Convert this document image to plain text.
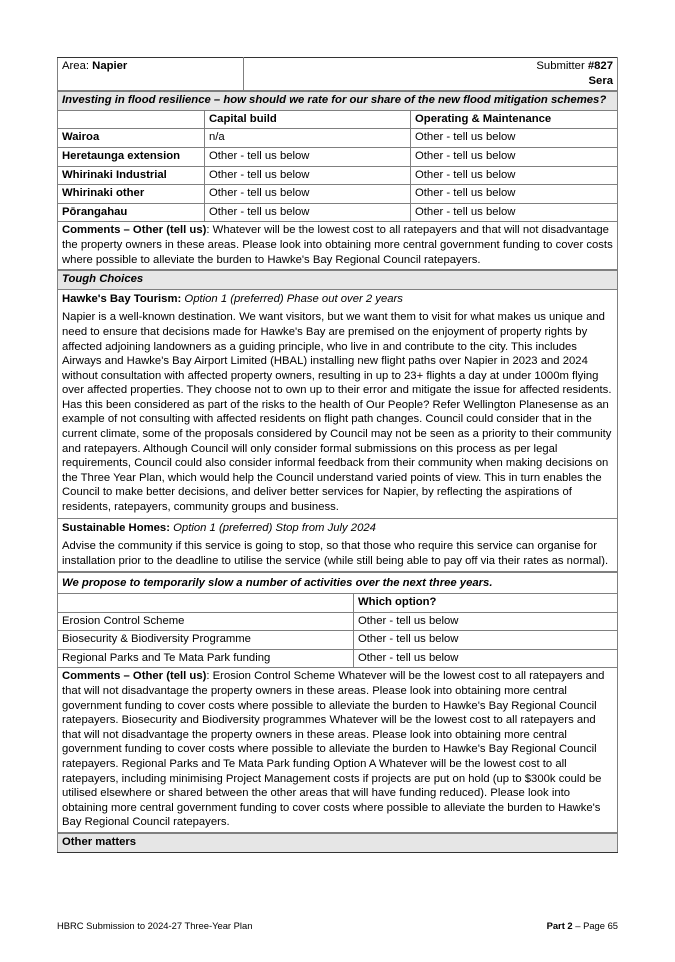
Area: Napier	Submitter #827
Sera
Investing in flood resilience – how should we rate for our share of the new flood mitigation schemes?		
	Capital build	Operating & Maintenance
Wairoa	n/a	Other - tell us below
Heretaunga extension	Other - tell us below	Other - tell us below
Whirinaki Industrial	Other - tell us below	Other - tell us below
Whirinaki other	Other - tell us below	Other - tell us below
Pōrangahau	Other - tell us below	Other - tell us below
Comments – Other (tell us): Whatever will be the lowest cost to all ratepayers and that will not disadvantage the property owners in these areas. Please look into obtaining more central government funding to cover costs where possible to alleviate the burden to Hawke's Bay Regional Council ratepayers.		
Tough Choices

Hawke's Bay Tourism: Option 1 (preferred) Phase out over 2 years
Napier is a well-known destination. We want visitors, but we want them to visit for what makes us unique and need to ensure that decisions made for Hawke's Bay are premised on the enjoyment of property rights by affected adjoining landowners as a guiding principle, who live in and contribute to the city. This includes Airways and Hawke's Bay Airport Limited (HBAL) installing new flight paths over Napier in 2023 and 2024 without consultation with affected property owners, resulting in up to 23+ flights a day at under 1000m flying over affected properties. They choose not to own up to their error and mitigate the issue for affected residents. Has this been considered as part of the risks to the health of Our People? Refer Wellington Planesense as an example of not consulting with affected residents on flight path changes. Council could consider that in the current climate, some of the proposals considered by Council may not be seen as a priority to their community and ratepayers. Although Council will only consider formal submissions on this process as per legal requirements, Council could also consider informal feedback from their community when making decisions on the Three Year Plan, which would help the Council understand varied points of view. This in turn enables the Council to make better decisions, and deliver better services for Napier, by reflecting the aspirations of residents, ratepayers, community groups and business.

Sustainable Homes: Option 1 (preferred) Stop from July 2024
Advise the community if this service is going to stop, so that those who require this service can organise for installation prior to the deadline to utilise the service (while still being able to pay off via their rates as normal).
We propose to temporarily slow a number of activities over the next three years.	
	Which option?
Erosion Control Scheme	Other - tell us below
Biosecurity & Biodiversity Programme	Other - tell us below
Regional Parks and Te Mata Park funding	Other - tell us below
Comments – Other (tell us): Erosion Control Scheme Whatever will be the lowest cost to all ratepayers and that will not disadvantage the property owners in these areas. Please look into obtaining more central government funding to cover costs where possible to alleviate the burden to Hawke's Bay Regional Council ratepayers. Biosecurity and Biodiversity programmes Whatever will be the lowest cost to all ratepayers and that will not disadvantage the property owners in these areas. Please look into obtaining more central government funding to cover costs where possible to alleviate the burden to Hawke's Bay Regional Council ratepayers. Regional Parks and Te Mata Park funding Option A Whatever will be the lowest cost to all ratepayers, including minimising Project Management costs if projects are put on hold (up to $300k could be utilised elsewhere or shared between the other areas that will have funding reduced). Please look into obtaining more central government funding to cover costs where possible to alleviate the burden to Hawke's Bay Regional Council ratepayers.	
Other matters
HBRC Submission to 2024-27 Three-Year Plan	Part 2 – Page 65
